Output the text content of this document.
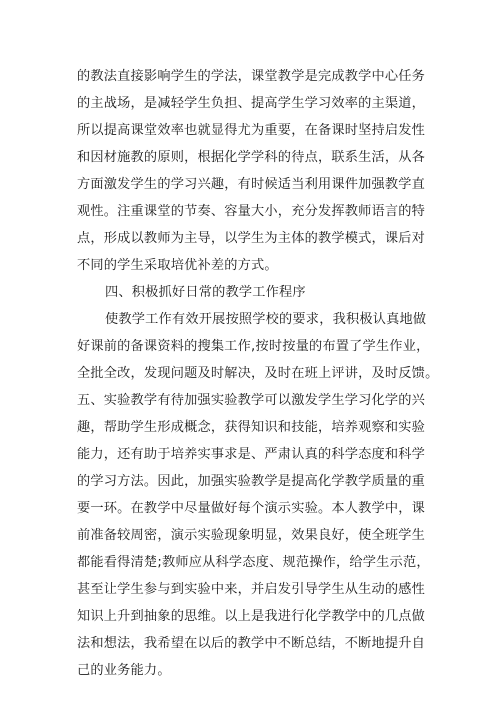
的教法直接影响学生的学法，课堂教学是完成教学中心任务
的主战场，是减轻学生负担、提高学生学习效率的主渠道，
所以提高课堂效率也就显得尤为重要，在备课时坚持启发性
和因材施教的原则，根据化学学科的待点，联系生活，从各
方面激发学生的学习兴趣，有时候适当利用课件加强教学直
观性。注重课堂的节奏、容量大小，充分发挥教师语言的特
点，形成以教师为主导，以学生为主体的教学模式，课后对
不同的学生采取培优补差的方式。
四、积极抓好日常的教学工作程序
使教学工作有效开展按照学校的要求，我积极认真地做
好课前的备课资料的搜集工作,按时按量的布置了学生作业，
全批全改，发现问题及时解决，及时在班上评讲，及时反馈。
五、实验教学有待加强实验教学可以激发学生学习化学的兴
趣，帮助学生形成概念，获得知识和技能，培养观察和实验
能力，还有助于培养实事求是、严肃认真的科学态度和科学
的学习方法。因此，加强实验教学是提高化学教学质量的重
要一环。在教学中尽量做好每个演示实验。本人教学中，课
前准备较周密，演示实验现象明显，效果良好，使全班学生
都能看得清楚;教师应从科学态度、规范操作，给学生示范，
甚至让学生参与到实验中来，并启发引导学生从生动的感性
知识上升到抽象的思维。以上是我进行化学教学中的几点做
法和想法，我希望在以后的教学中不断总结，不断地提升自
己的业务能力。
